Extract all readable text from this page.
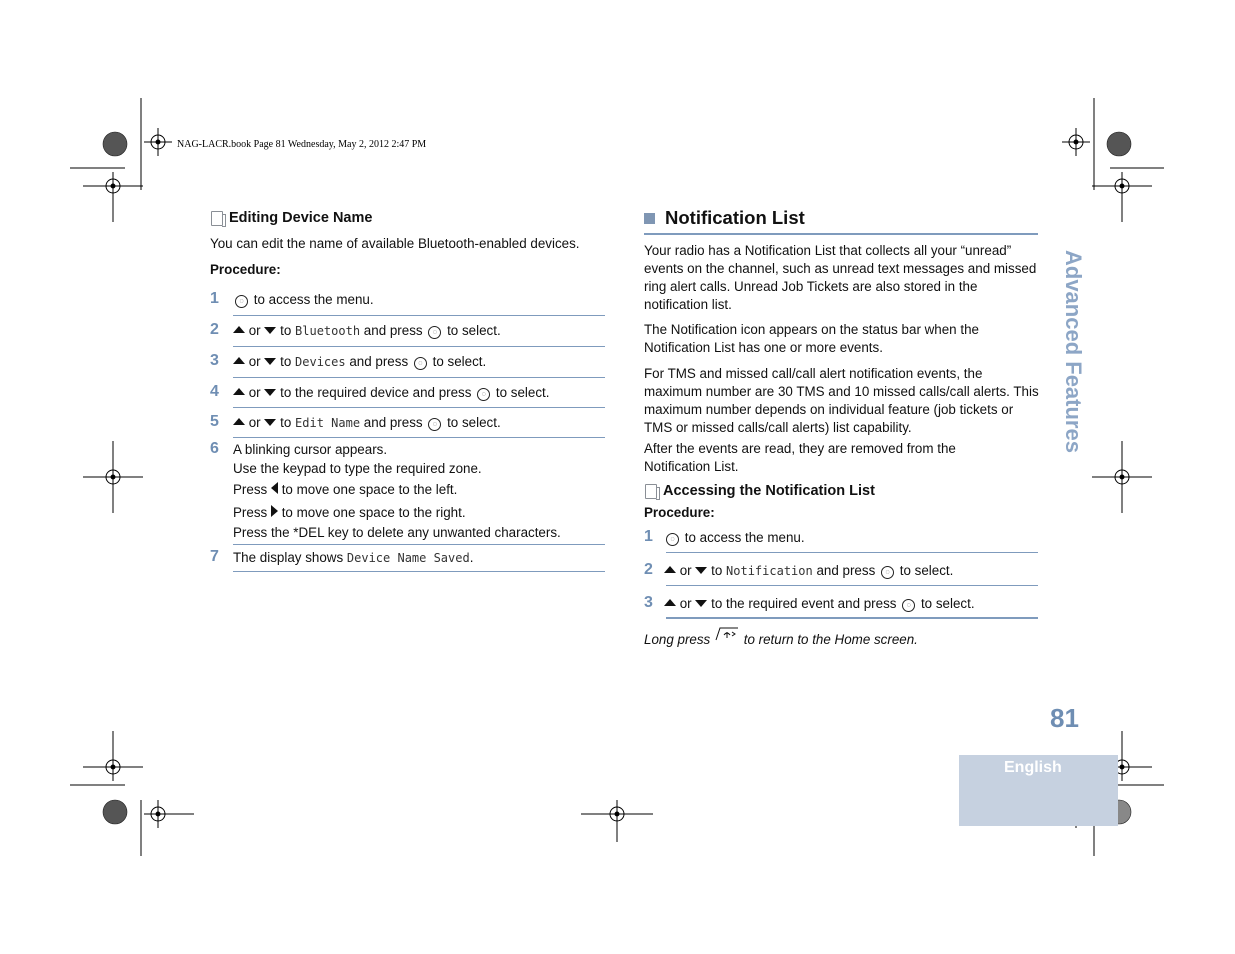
NAG-LACR.book Page 81 Wednesday, May 2, 2012 2:47 PM
Editing Device Name
You can edit the name of available Bluetooth-enabled devices.
Procedure:
1	◌ to access the menu.
2	or to Bluetooth and press ◌ to select.
3	or to Devices and press ◌ to select.
4	or to the required device and press ◌ to select.
5	or to Edit Name and press ◌ to select.
6 A blinking cursor appears.
Use the keypad to type the required zone.
Press to move one space to the left.
Press to move one space to the right.
Press the *DEL key to delete any unwanted characters.
7 The display shows Device Name Saved.
Notification List
Your radio has a Notification List that collects all your “unread” events on the channel, such as unread text messages and missed ring alert calls. Unread Job Tickets are also stored in the notification list.
The Notification icon appears on the status bar when the Notification List has one or more events.
For TMS and missed call/call alert notification events, the maximum number are 30 TMS and 10 missed calls/call alerts. This maximum number depends on individual feature (job tickets or TMS or missed calls/call alerts) list capability.
After the events are read, they are removed from the Notification List.
Accessing the Notification List
Procedure:
1	◌ to access the menu.
2	or to Notification and press ◌ to select.
3	or to the required event and press ◌ to select.
Long press to return to the Home screen.
Advanced Features
81
English
